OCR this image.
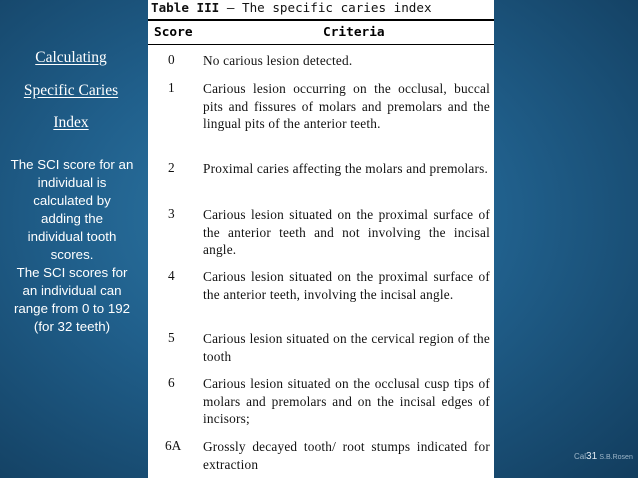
Calculating
Specific Caries
Index
The SCI score for an
individual is
calculated by
adding the
individual tooth
scores.
The SCI scores for
an individual can
range from 0 to 192
(for 32 teeth)
Table III – The specific caries index
Score	Criteria
0 No carious lesion detected.
1 Carious lesion occurring on the occlusal, buccal pits and fissures of molars and premolars and the lingual pits of the anterior teeth.
2 Proximal caries affecting the molars and premolars.
3 Carious lesion situated on the proximal surface of the anterior teeth and not involving the incisal angle.
4 Carious lesion situated on the proximal surface of the anterior teeth, involving the incisal angle.
5 Carious lesion situated on the cervical region of the tooth
6 Carious lesion situated on the occlusal cusp tips of molars and premolars and on the incisal edges of incisors;
6A Grossly decayed tooth/ root stumps indicated for extraction	Cal31 S.B.Rosen
